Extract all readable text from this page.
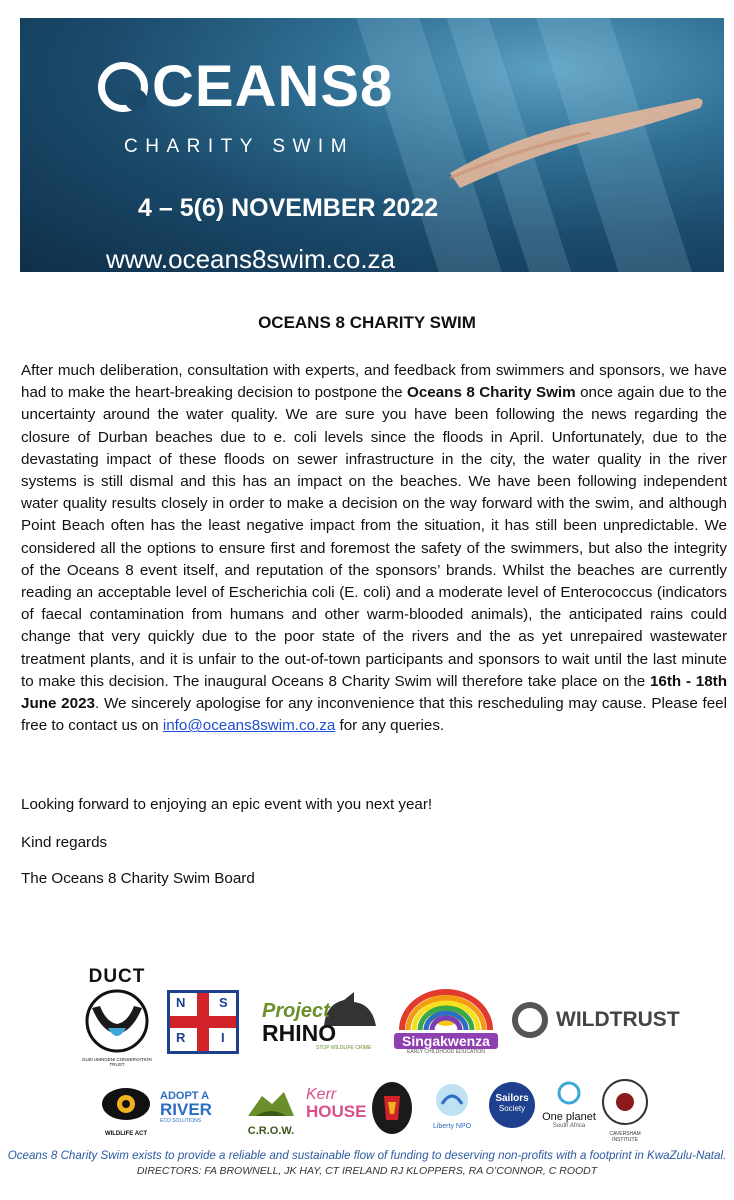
CEANS8
CHARITY SWIM
4 – 5(6) NOVEMBER 2022
www.oceans8swim.co.za
OCEANS 8 CHARITY SWIM

After much deliberation, consultation with experts, and feedback from swimmers and sponsors, we have had to make the heart-breaking decision to postpone the Oceans 8 Charity Swim once again due to the uncertainty around the water quality. We are sure you have been following the news regarding the closure of Durban beaches due to e. coli levels since the floods in April. Unfortunately, due to the devastating impact of these floods on sewer infrastructure in the city, the water quality in the river systems is still dismal and this has an impact on the beaches. We have been following independent water quality results closely in order to make a decision on the way forward with the swim, and although Point Beach often has the least negative impact from the situation, it has still been unpredictable. We considered all the options to ensure first and foremost the safety of the swimmers, but also the integrity of the Oceans 8 event itself, and reputation of the sponsors’ brands. Whilst the beaches are currently reading an acceptable level of Escherichia coli (E. coli) and a moderate level of Enterococcus (indicators of faecal contamination from humans and other warm-blooded animals), the anticipated rains could change that very quickly due to the poor state of the rivers and the as yet unrepaired wastewater treatment plants, and it is unfair to the out-of-town participants and sponsors to wait until the last minute to make this decision. The inaugural Oceans 8 Charity Swim will therefore take place on the 16th - 18th June 2023. We sincerely apologise for any inconvenience that this rescheduling may cause. Please feel free to contact us on info@oceans8swim.co.za for any queries.

Looking forward to enjoying an epic event with you next year!

Kind regards

The Oceans 8 Charity Swim Board

DUCT
DUZI UMNGENI CONSERVATION TRUST
N	S
R	I
Project
RHINO
STOP WILDLIFE CRIME	Singakwenza
EARLY CHILDHOOD EDUCATION
WILDTRUST
WILDLIFE ACT
ADOPT A
RIVER
ECO SOLUTIONS
C.R.O.W.
Kerr
HOUSE
Liberty NPO
Sailors
Society
One planet
South Africa
CAVERSHAM INSTITUTE
Oceans 8 Charity Swim exists to provide a reliable and sustainable flow of funding to deserving non-profits with a footprint in KwaZulu-Natal.
DIRECTORS: FA BROWNELL, JK HAY, CT IRELAND RJ KLOPPERS, RA O’CONNOR, C ROODT
